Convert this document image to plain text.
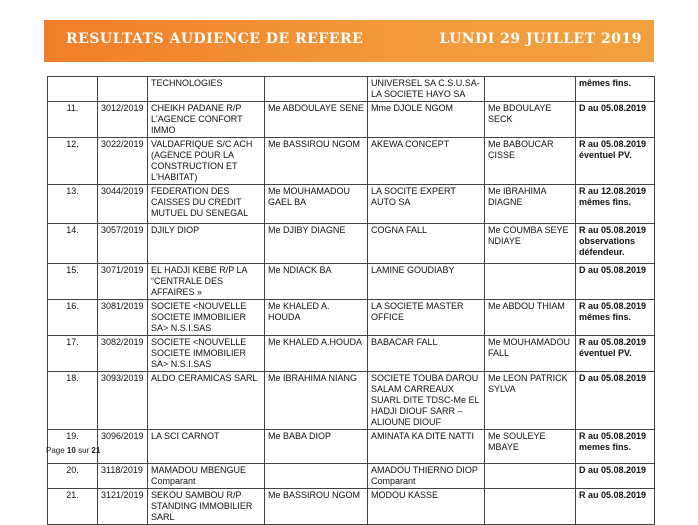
RESULTATS AUDIENCE DE REFERE	LUNDI 29 JUILLET 2019
		TECHNOLOGIES		UNIVERSEL SA C.S.U.SA-LA SOCIETE HAYO SA		mêmes fins.
11.	3012/2019	CHEIKH PADANE R/P L'AGENCE CONFORT IMMO	Me ABDOULAYE SENE	Mme DJOLE NGOM	Me BDOULAYE SECK	D au 05.08.2019
12.	3022/2019	VALDAFRIQUE S/C ACH (AGENCE POUR LA CONSTRUCTION ET L'HABITAT)	Me BASSIROU NGOM	AKEWA CONCEPT	Me BABOUCAR CISSE	R au 05.08.2019 éventuel PV.
13.	3044/2019	FEDERATION DES CAISSES DU CREDIT MUTUEL DU SENEGAL	Me MOUHAMADOU GAEL BA	LA SOCITE EXPERT AUTO SA	Me IBRAHIMA DIAGNE	R au 12.08.2019 mêmes fins.
14.	3057/2019	DJILY DIOP	Me DJIBY DIAGNE	COGNA FALL	Me COUMBA SEYE NDIAYE	R au 05.08.2019 observations défendeur.
15.	3071/2019	EL HADJI KEBE R/P LA “CENTRALE DES AFFAIRES »	Me NDIACK BA	LAMINE GOUDIABY		D au 05.08.2019
16.	3081/2019	SOCIETE <NOUVELLE SOCIETE IMMOBILIER SA> N.S.I.SAS	Me KHALED A. HOUDA	LA SOCIETE MASTER OFFICE	Me ABDOU THIAM	R au 05.08.2019 mêmes fins.
17.	3082/2019	SOCIETE <NOUVELLE SOCIETE IMMOBILIER SA> N.S.I.SAS	Me KHALED A.HOUDA	BABACAR FALL	Me MOUHAMADOU FALL	R au 05.08.2019 éventuel PV.
18.	3093/2019	ALDO CERAMICAS SARL	Me IBRAHIMA NIANG	SOCIETE TOUBA DAROU SALAM CARREAUX SUARL DITE TDSC-Me EL HADJI DIOUF SARR –ALIOUNE DIOUF	Me LEON PATRICK SYLVA	D au 05.08.2019
19.	3096/2019	LA SCI CARNOT	Me BABA DIOP	AMINATA KA DITE NATTI	Me SOULEYE MBAYE	R au 05.08.2019 memes fins.
20.	3118/2019	MAMADOU MBENGUE Comparant		AMADOU THIERNO DIOP Comparant		D au 05.08.2019
21.	3121/2019	SEKOU SAMBOU R/P STANDING IMMOBILIER SARL	Me BASSIROU NGOM	MODOU KASSE		R au 05.08.2019
Page 10 sur 21
